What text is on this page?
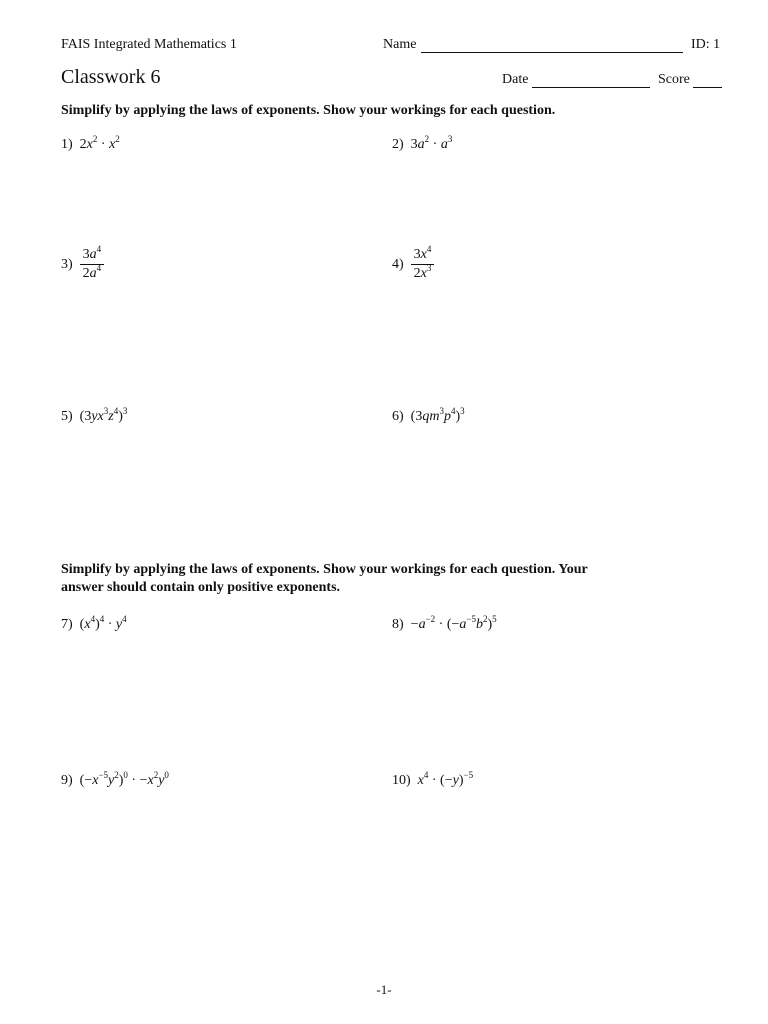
FAIS Integrated Mathematics 1	Name	ID: 1
Classwork 6	Date	Score
Simplify by applying the laws of exponents. Show your workings for each question.
1) $2x^2 \cdot x^2$	2) $3a^2 \cdot a^3$
$3) \frac{3a^4}{2a^4}$	$4) \frac{3x^4}{2x^3}$
5) $(3yx^3z^4)^3$	6) $(3qm^3p^4)^3$
Simplify by applying the laws of exponents. Show your workings for each question. Your
answer should contain only positive exponents.
7) $(x^4)^4 \cdot y^4$	$8) -a^{-2} \cdot (-a^{-5}b^2)^5$
9) $(-x^{-5}y^2)^0 \cdot -x^2y^0$	10) $x^4 \cdot (-y)^{-5}$
-1-
